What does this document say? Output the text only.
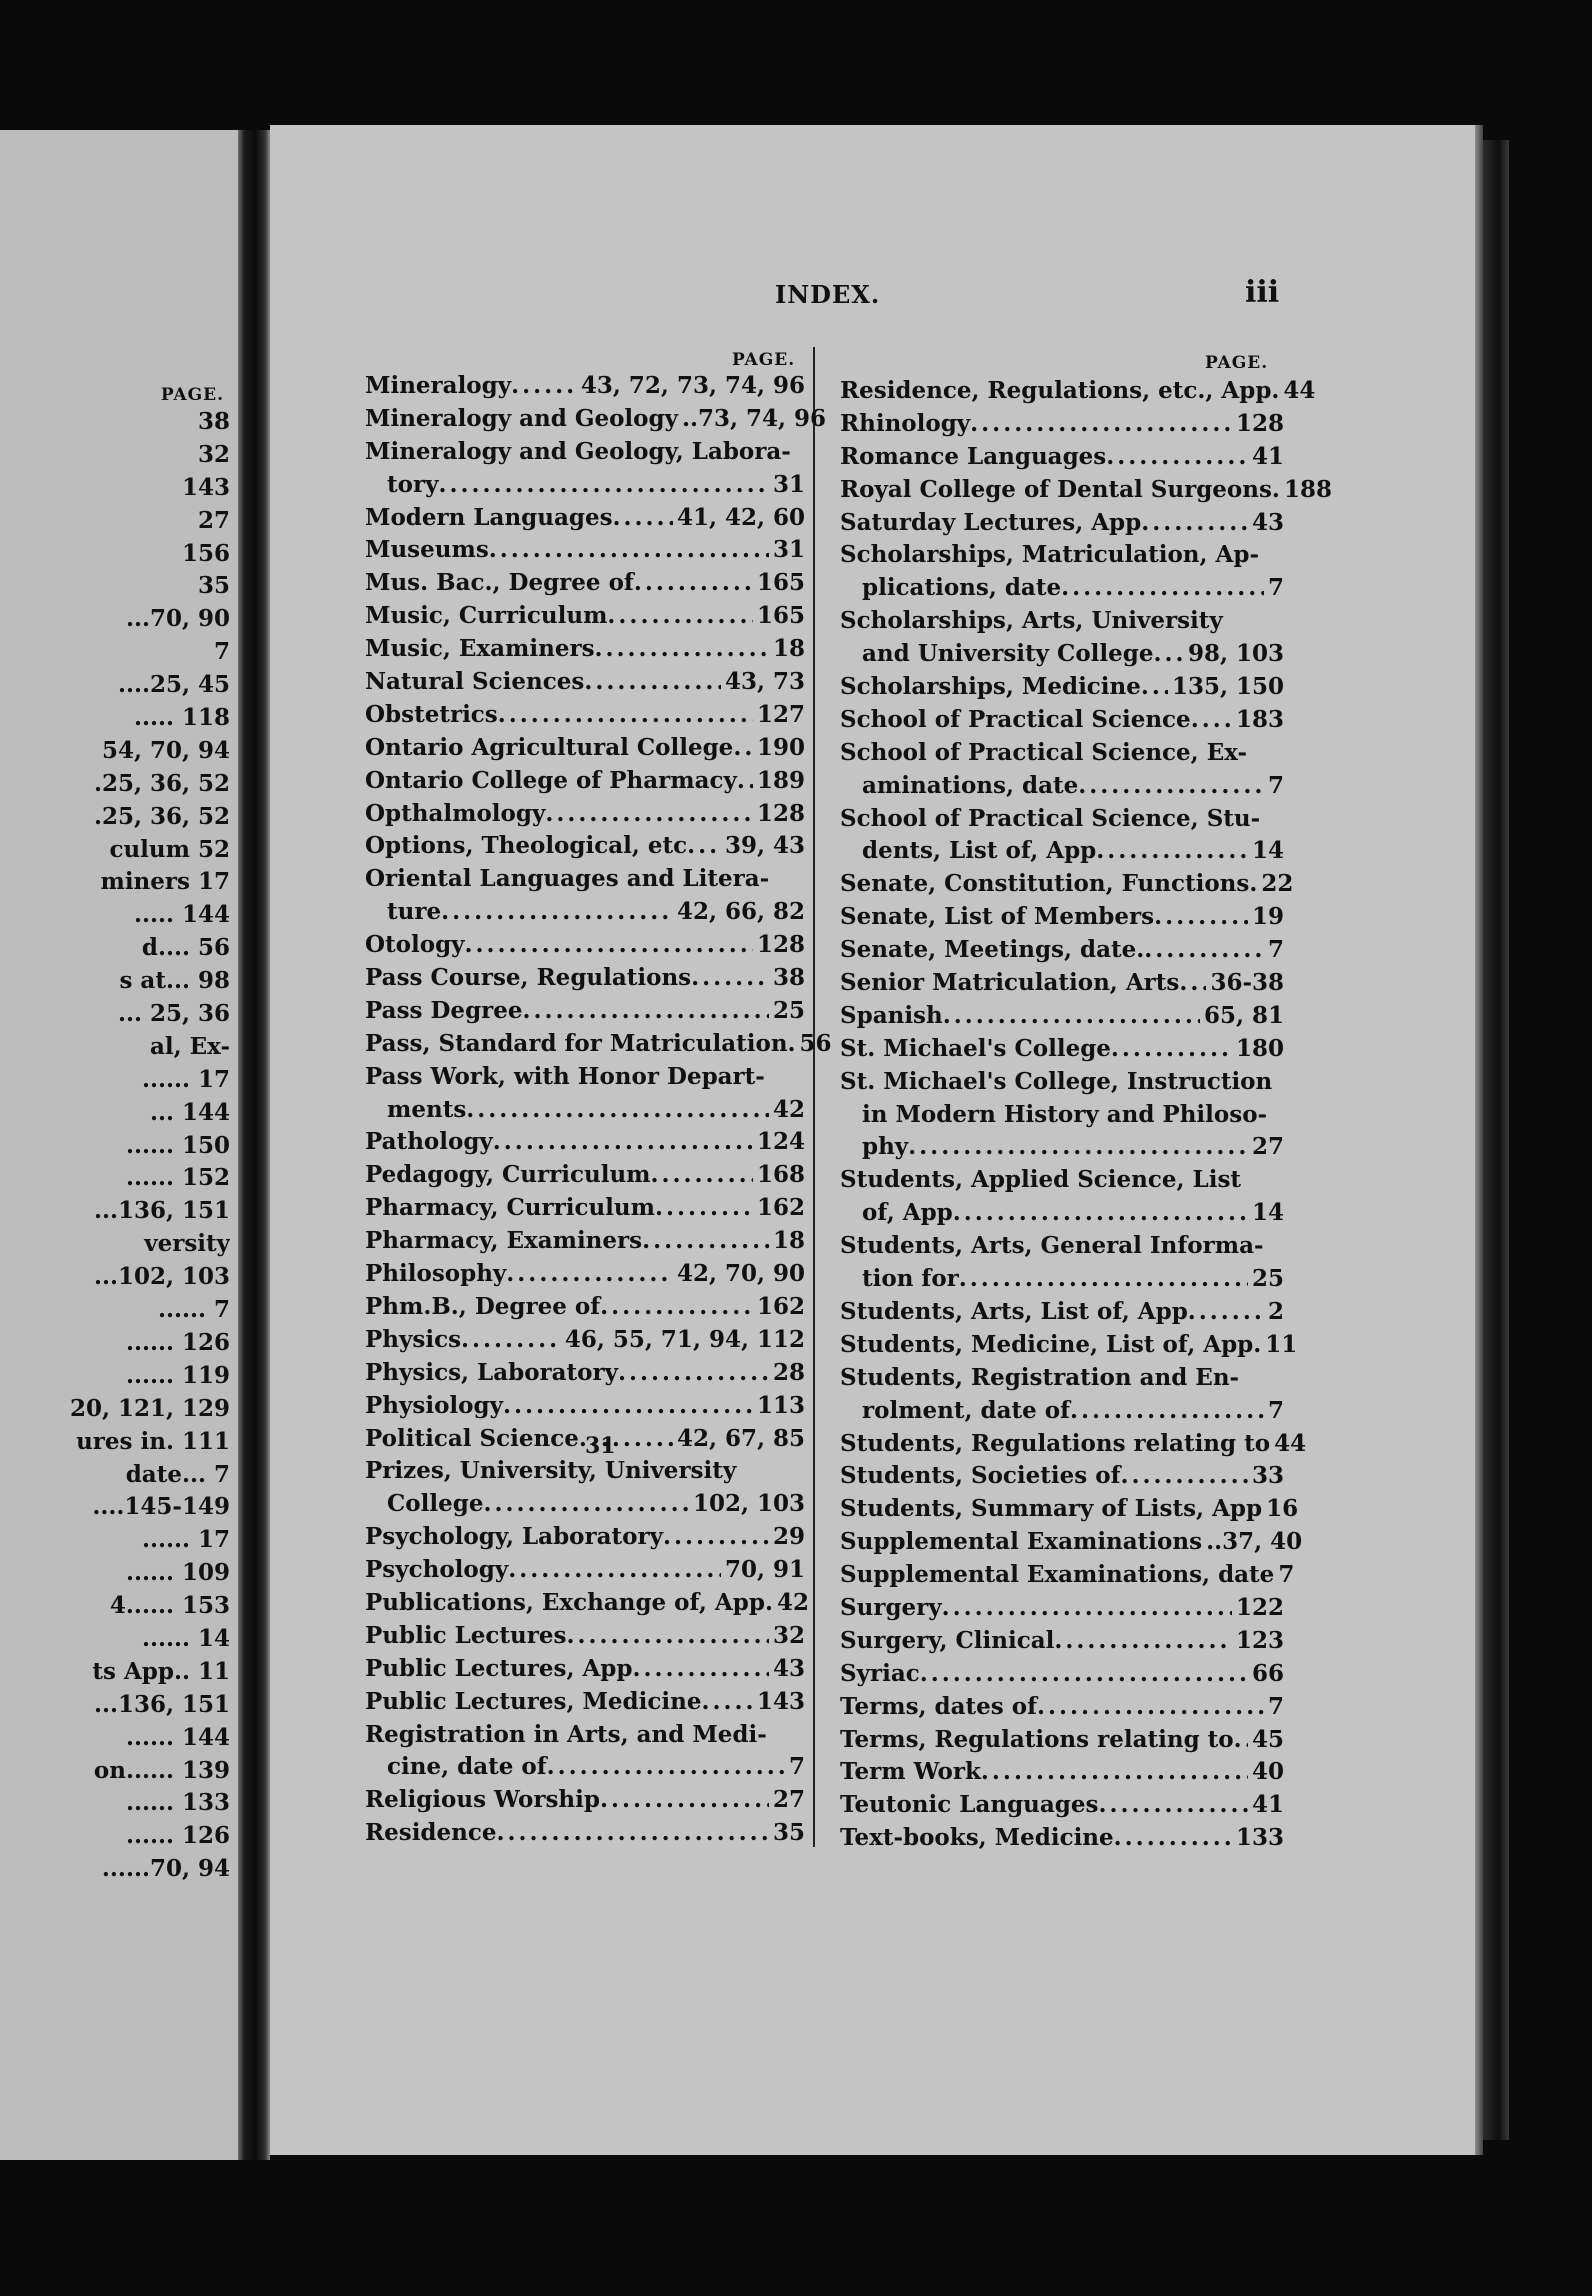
PAGE.
38
32
143
27
156
35
...70, 90
7
....25, 45
..... 118
54, 70, 94
.25, 36, 52
.25, 36, 52
culum 52
miners 17
..... 144
d.... 56
s at... 98
... 25, 36
al, Ex-
...... 17
... 144
...... 150
...... 152
...136, 151
versity
...102, 103
...... 7
...... 126
...... 119
20, 121, 129
ures in. 111
date... 7
....145-149
...... 17
...... 109
4...... 153
...... 14
ts App.. 11
...136, 151
...... 144
on...... 139
...... 133
...... 126
......70, 94
INDEX.	iii
PAGE.	PAGE.
Mineralogy .....	43, 72, 73, 74, 96
Mineralogy and Geology ..73, 74, 96
Mineralogy and Geology, Labora-
tory .....	31
Modern Languages .....	41, 42, 60
Museums .....	31
Mus. Bac., Degree of .....	165
Music, Curriculum .....	165
Music, Examiners .....	18
Natural Sciences .....	43, 73
Obstetrics .....	127
Ontario Agricultural College ..... 190
Ontario College of Pharmacy ..... 189
Opthalmology .....	128
Options, Theological, etc ..... 39, 43
Oriental Languages and Litera-
ture .....	42, 66, 82
Otology .....	128
Pass Course, Regulations .....	38
Pass Degree .....	25
Pass, Standard for Matriculation. 56
Pass Work, with Honor Depart-
ments .....	42
Pathology .....	124
Pedagogy, Curriculum .....	168
Pharmacy, Curriculum .....	162
Pharmacy, Examiners .....	18
Philosophy .....	42, 70, 90
Phm.B., Degree of .....	162
Physics .....	46, 55, 71, 94, 112
Physics, Laboratory .....	28
Physiology .....	113
Political Science .....	42, 67, 85
Prizes, University, University
College .....	102, 103
Psychology, Laboratory .....	29
Psychology .....	70, 91
Publications, Exchange of, App. 42
Public Lectures .....	32
Public Lectures, App .....	43
Public Lectures, Medicine ..... 143
Registration in Arts, and Medi-
cine, date of .....	7
Religious Worship .....	27
Residence .....	35
Residence, Regulations, etc., App. 44
Rhinology .....	128
Romance Languages .....	41
Royal College of Dental Surgeons. 188
Saturday Lectures, App .....	43
Scholarships, Matriculation, Ap-
plications, date .....	7
Scholarships, Arts, University
and University College ..... 98, 103
Scholarships, Medicine ..... 135, 150
School of Practical Science ..... 183
School of Practical Science, Ex-
aminations, date .....	7
School of Practical Science, Stu-
dents, List of, App .....	14
Senate, Constitution, Functions. 22
Senate, List of Members .....	19
Senate, Meetings, date. .....	7
Senior Matriculation, Arts ..... 36-38
Spanish .....	65, 81
St. Michael's College .....	180
St. Michael's College, Instruction
in Modern History and Philoso-
phy .....	27
Students, Applied Science, List
of, App .....	14
Students, Arts, General Informa-
tion for .....	25
Students, Arts, List of, App .....	2
Students, Medicine, List of, App. 11
Students, Registration and En-
rolment, date of .....	7
Students, Regulations relating to 44
Students, Societies of .....	33
Students, Summary of Lists, App 16
Supplemental Examinations ..37, 40
Supplemental Examinations, date 7
Surgery .....	122
Surgery, Clinical .....	123
Syriac .....	66
Terms, dates of .....	7
Terms, Regulations relating to ..... 45
Term Work .....	40
Teutonic Languages .....	41
Text-books, Medicine .....	133
31
